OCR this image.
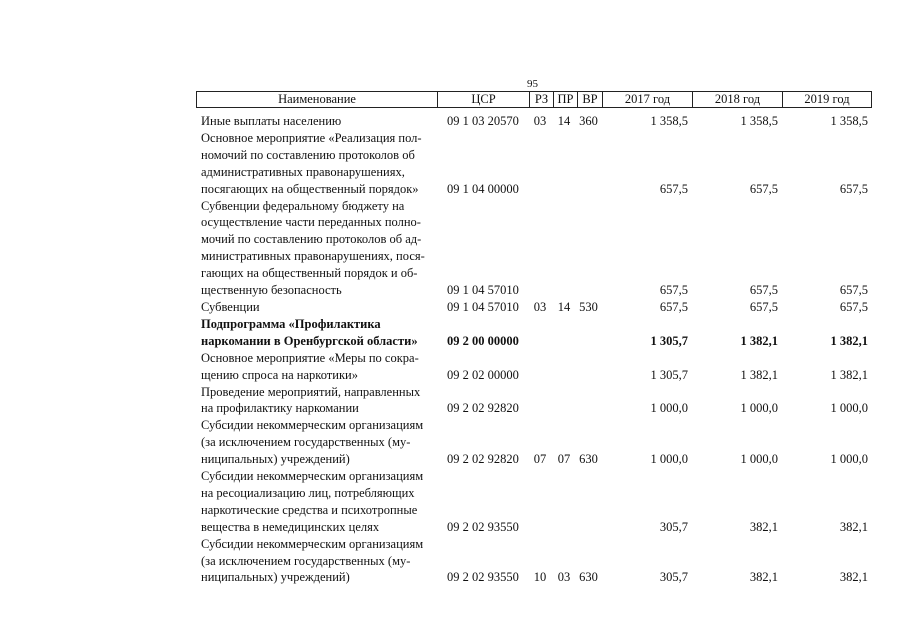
95
Наименование	ЦСР	РЗ ПР ВР	2017 год	2018 год	2019 год
Иные выплаты населению	09 1 03 20570	03 14 360	1 358,5	1 358,5	1 358,5
Основное мероприятие «Реализация пол-
номочий по составлению протоколов об
административных правонарушениях,
посягающих на общественный порядок»	09 1 04 00000	657,5	657,5	657,5
Субвенции федеральному бюджету на
осуществление части переданных полно-
мочий по составлению протоколов об ад-
министративных правонарушениях, пося-
гающих на общественный порядок и об-
щественную безопасность	09 1 04 57010	657,5	657,5	657,5
Субвенции	09 1 04 57010	03 14 530	657,5	657,5	657,5
Подпрограмма «Профилактика
наркомании в Оренбургской области»	09 2 00 00000	1 305,7	1 382,1	1 382,1
Основное мероприятие «Меры по сокра-
щению спроса на наркотики»	09 2 02 00000	1 305,7	1 382,1	1 382,1
Проведение мероприятий, направленных
на профилактику наркомании	09 2 02 92820	1 000,0	1 000,0	1 000,0
Субсидии некоммерческим организациям
(за исключением государственных (му-
ниципальных) учреждений)	09 2 02 92820	07 07 630	1 000,0	1 000,0	1 000,0
Субсидии некоммерческим организациям
на ресоциализацию лиц, потребляющих
наркотические средства и психотропные
вещества в немедицинских целях	09 2 02 93550	305,7	382,1	382,1
Субсидии некоммерческим организациям
(за исключением государственных (му-
ниципальных) учреждений)	09 2 02 93550	10 03 630	305,7	382,1	382,1
